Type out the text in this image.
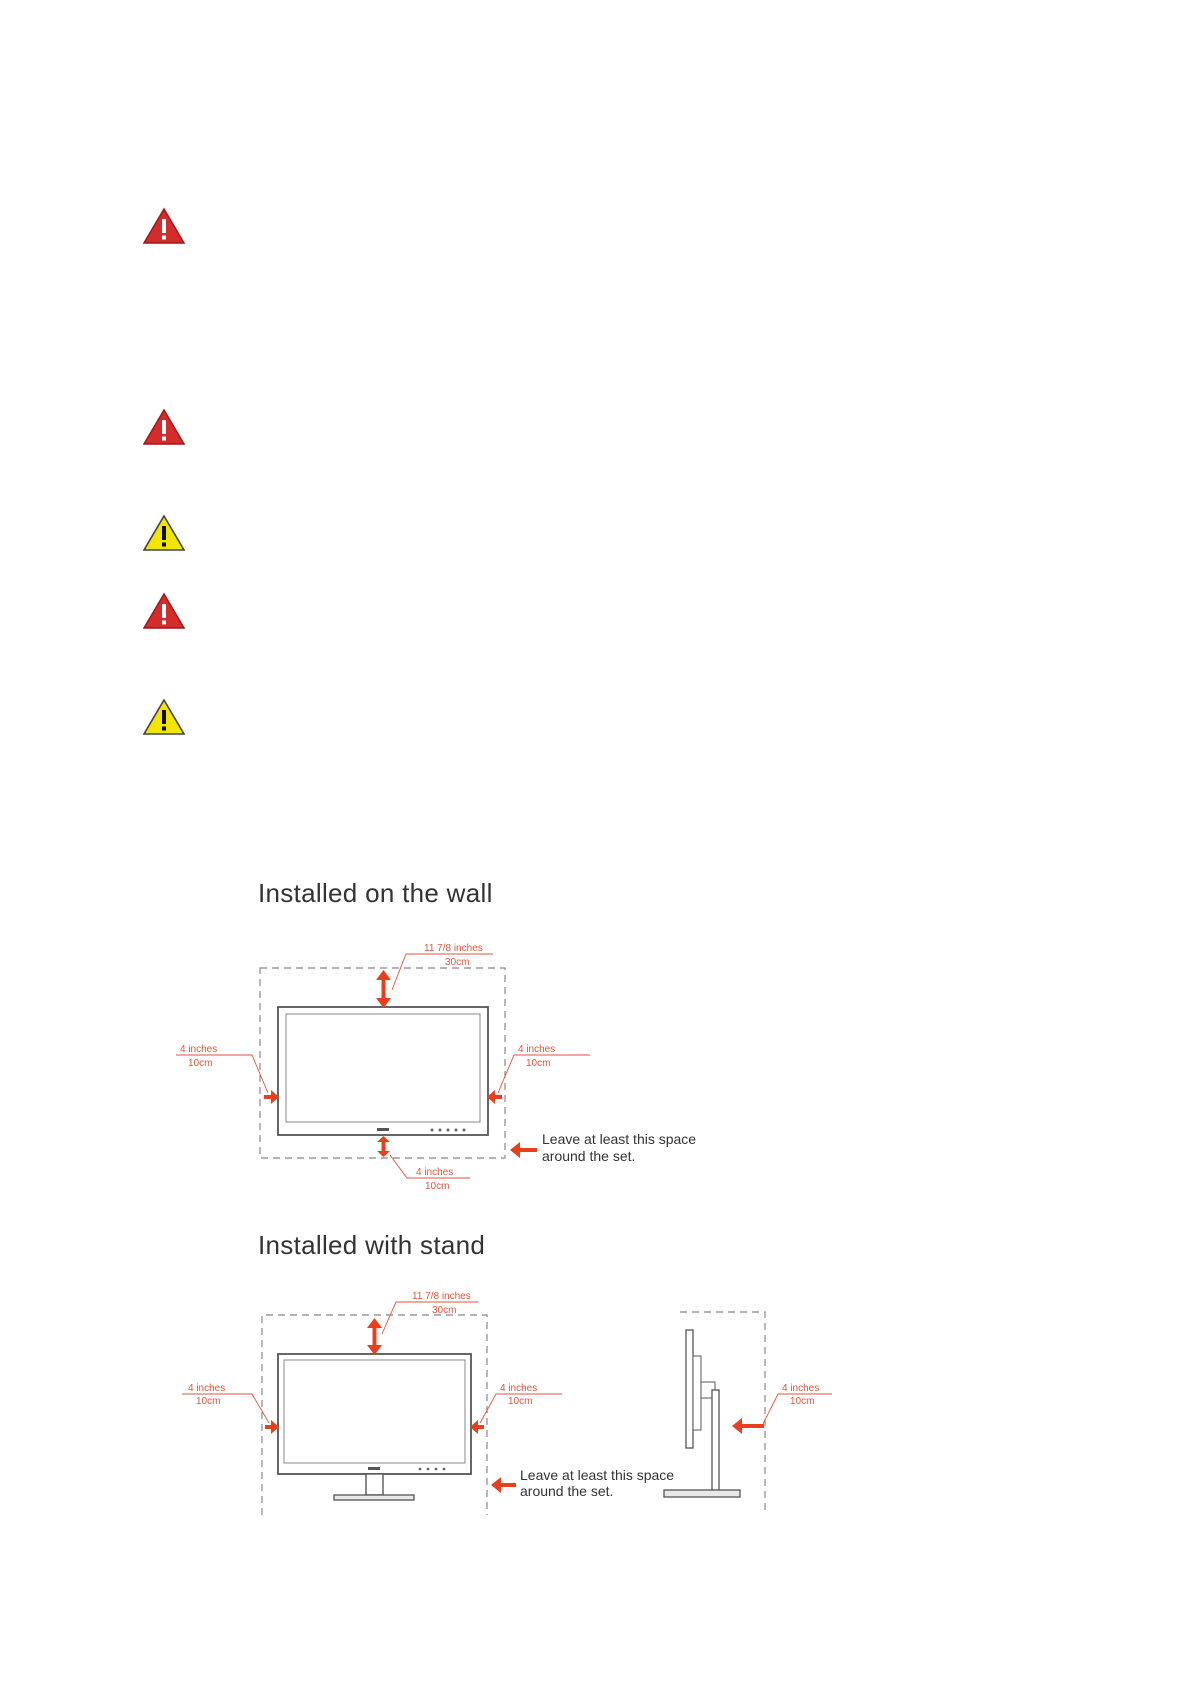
Installed on the wall
11 7/8 inches
30cm
4 inches
10cm
4 inches
10cm
4 inches
10cm
Leave at least this space
around the set.
Installed with stand
11 7/8 inches
30cm
4 inches
10cm
4 inches
10cm
Leave at least this space
around the set.
4 inches
10cm
